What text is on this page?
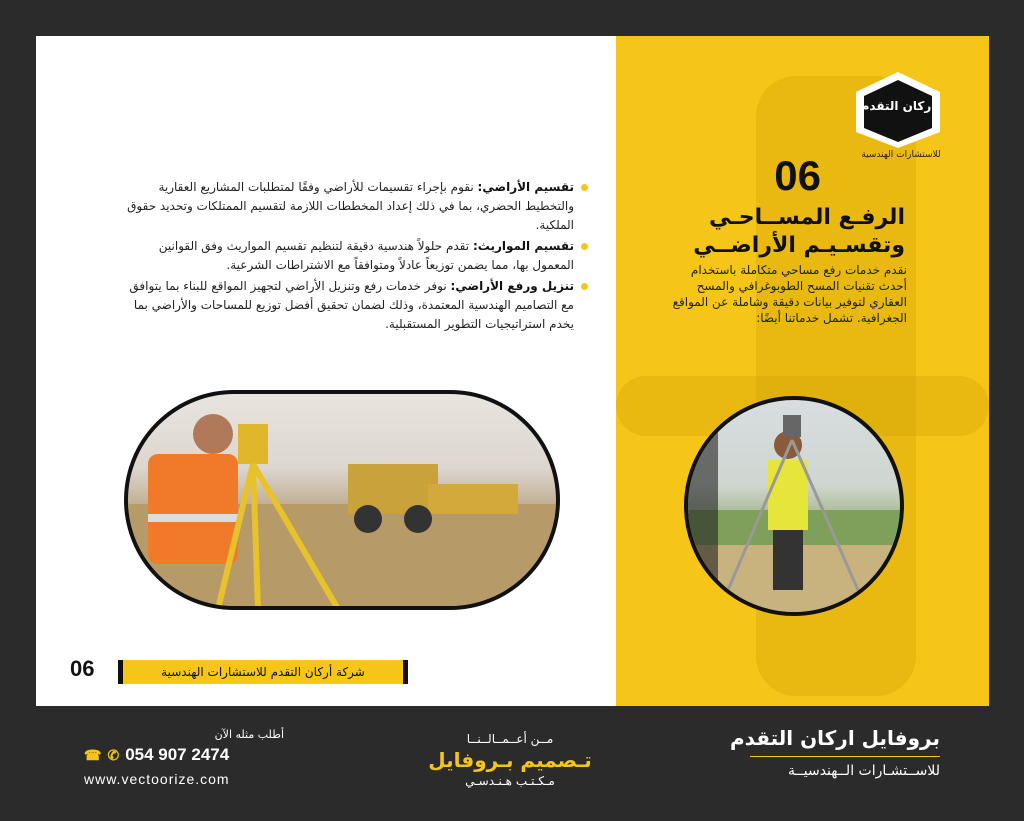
تقسيم الأراضي: نقوم بإجراء تقسيمات للأراضي وفقًا لمتطلبات المشاريع العقارية والتخطيط الحضري، بما في ذلك إعداد المخططات اللازمة لتقسيم الممتلكات وتحديد حقوق الملكية.
تقسيم المواريث: تقدم حلولاً هندسية دقيقة لتنظيم تقسيم المواريث وفق القوانين المعمول بها، مما يضمن توزيعاً عادلاً ومتوافقاً مع الاشتراطات الشرعية.
تنزيل ورفع الأراضي: نوفر خدمات رفع وتنزيل الأراضي لتجهيز المواقع للبناء بما يتوافق مع التصاميم الهندسية المعتمدة، وذلك لضمان تحقيق أفضل توزيع للمساحات والأراضي بما يخدم استراتيجيات التطوير المستقبلية.
06	شركة أركان التقدم للاستشارات الهندسية
أركان التقدم
للاستشارات الهندسية
06
الرفـع المســاحـي
وتقسـيـم الأراضــي
نقدم خدمات رفع مساحي متكاملة باستخدام أحدث تقنيات المسح الطوبوغرافي والمسح العقاري لتوفير بيانات دقيقة وشاملة عن المواقع الجغرافية. تشمل خدماتنا أيضًا:
بروفايل اركان التقدم
للاســتشـارات الــهندسيــة
مــن أعــمــالــنــا
تـصميم بـروفايل
مـكـتـب هـنـدسـي
أطلب مثله الآن
☎ ✆ 054 907 2474
www.vectoorize.com
